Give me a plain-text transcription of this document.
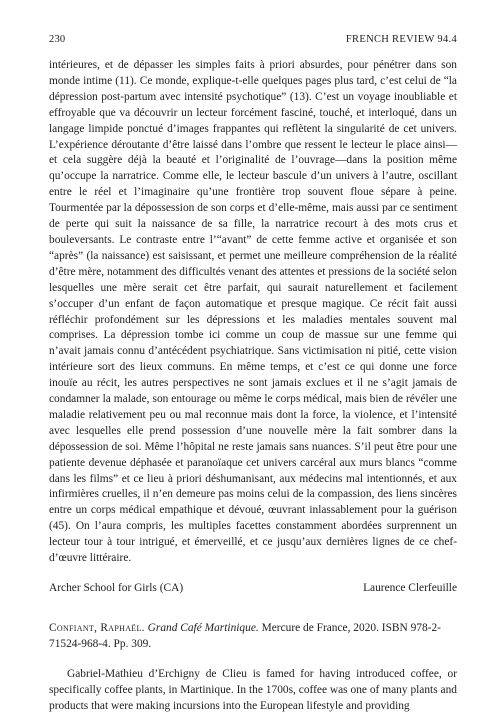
230	FRENCH REVIEW 94.4

intérieures, et de dépasser les simples faits à priori absurdes, pour pénétrer dans son monde intime (11). Ce monde, explique-t-elle quelques pages plus tard, c’est celui de “la dépression post-partum avec intensité psychotique” (13). C’est un voyage inoubliable et effroyable que va découvrir un lecteur forcément fasciné, touché, et interloqué, dans un langage limpide ponctué d’images frappantes qui reflètent la singularité de cet univers. L’expérience déroutante d’être laissé dans l’ombre que ressent le lecteur le place ainsi—et cela suggère déjà la beauté et l’originalité de l’ouvrage—dans la position même qu’occupe la narratrice. Comme elle, le lecteur bascule d’un univers à l’autre, oscillant entre le réel et l’imaginaire qu’une frontière trop souvent floue sépare à peine. Tourmentée par la dépossession de son corps et d’elle-même, mais aussi par ce sentiment de perte qui suit la naissance de sa fille, la narratrice recourt à des mots crus et bouleversants. Le contraste entre l’“avant” de cette femme active et organisée et son “après” (la naissance) est saisissant, et permet une meilleure compréhension de la réalité d’être mère, notamment des difficultés venant des attentes et pressions de la société selon lesquelles une mère serait cet être parfait, qui saurait naturellement et facilement s’occuper d’un enfant de façon automatique et presque magique. Ce récit fait aussi réfléchir profondément sur les dépressions et les maladies mentales souvent mal comprises. La dépression tombe ici comme un coup de massue sur une femme qui n’avait jamais connu d’antécédent psychiatrique. Sans victimisation ni pitié, cette vision intérieure sort des lieux communs. En même temps, et c’est ce qui donne une force inouïe au récit, les autres perspectives ne sont jamais exclues et il ne s’agit jamais de condamner la malade, son entourage ou même le corps médical, mais bien de révéler une maladie relativement peu ou mal reconnue mais dont la force, la violence, et l’intensité avec lesquelles elle prend possession d’une nouvelle mère la fait sombrer dans la dépossession de soi. Même l’hôpital ne reste jamais sans nuances. S’il peut être pour une patiente devenue déphasée et paranoïaque cet univers carcéral aux murs blancs “comme dans les films” et ce lieu à priori déshumanisant, aux médecins mal intentionnés, et aux infirmières cruelles, il n’en demeure pas moins celui de la compassion, des liens sincères entre un corps médical empathique et dévoué, œuvrant inlassablement pour la guérison (45). On l’aura compris, les multiples facettes constamment abordées surprennent un lecteur tour à tour intrigué, et émerveillé, et ce jusqu’aux dernières lignes de ce chef-d’œuvre littéraire.

Archer School for Girls (CA)	Laurence Clerfeuille
Confiant, Raphaël. Grand Café Martinique. Mercure de France, 2020. ISBN 978-2-71524-968-4. Pp. 309.

Gabriel-Mathieu d’Erchigny de Clieu is famed for having introduced coffee, or specifically coffee plants, in Martinique. In the 1700s, coffee was one of many plants and products that were making incursions into the European lifestyle and providing
